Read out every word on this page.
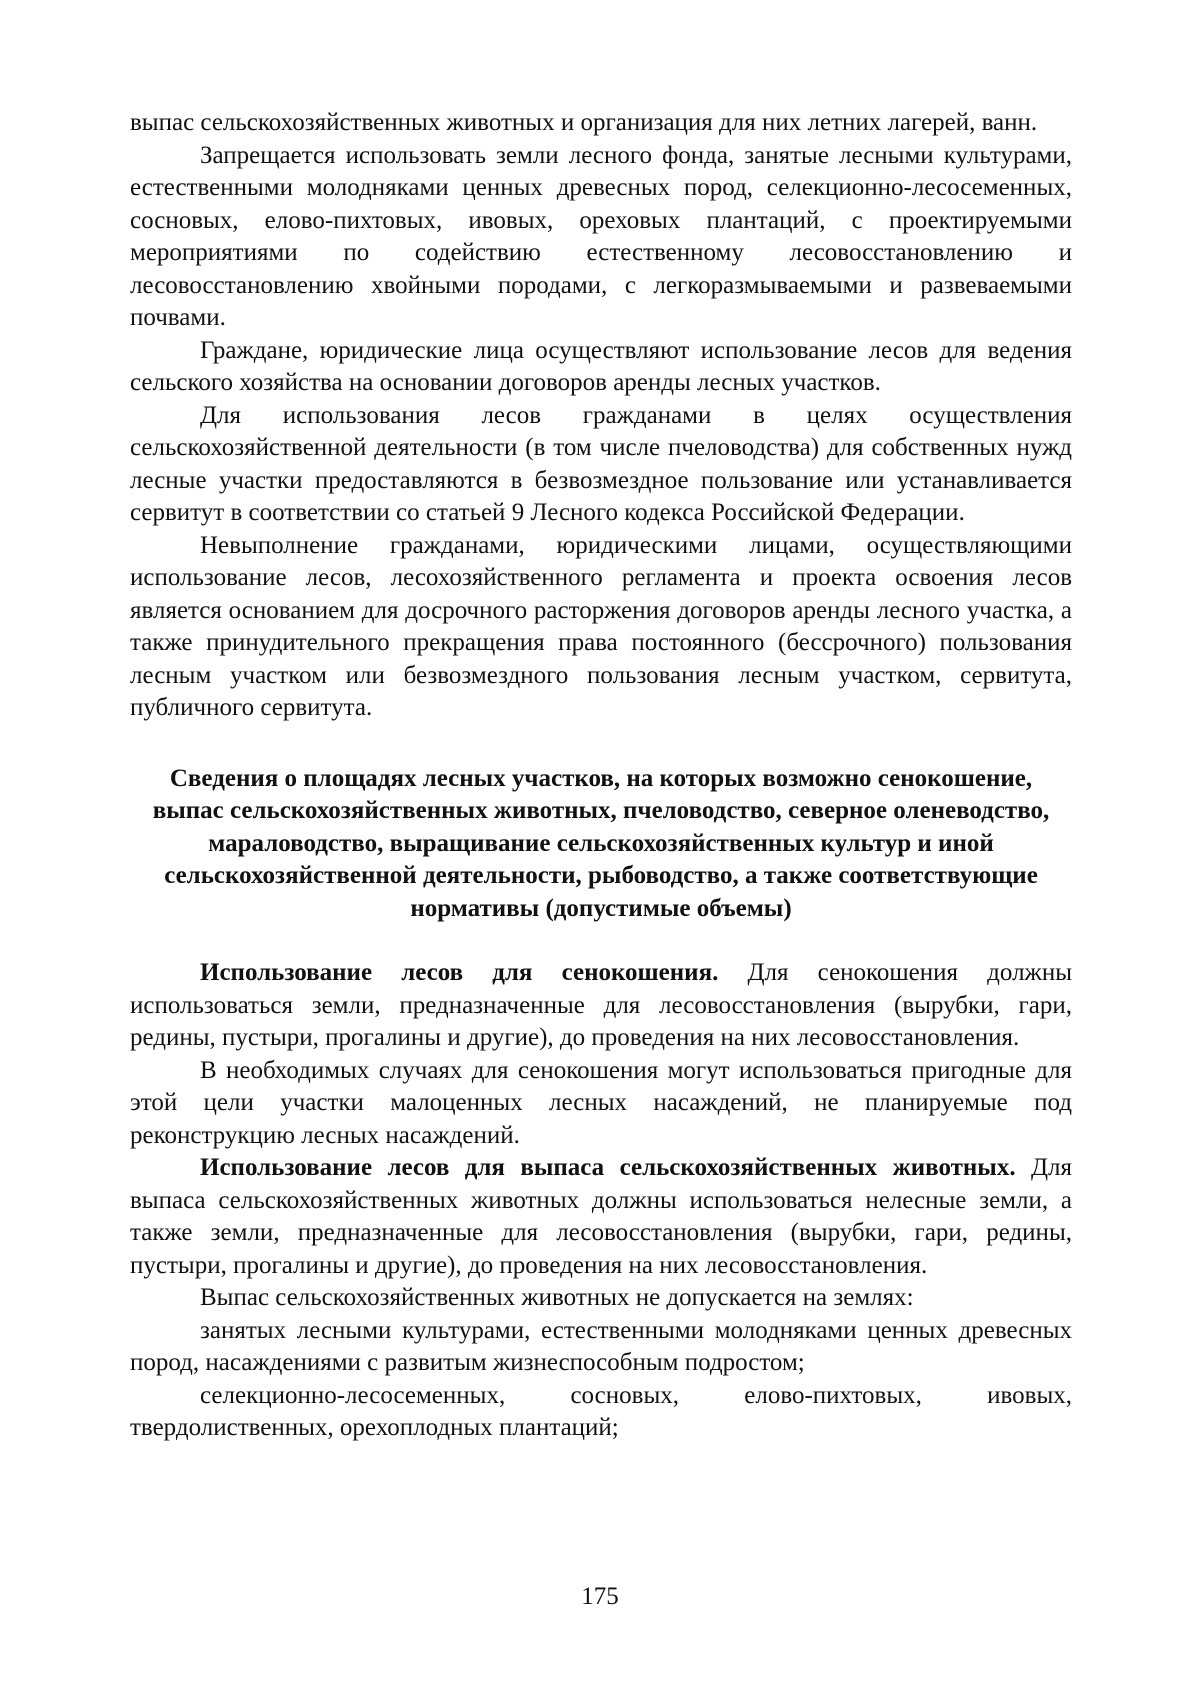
выпас сельскохозяйственных животных и организация для них летних лагерей, ванн.

Запрещается использовать земли лесного фонда, занятые лесными культурами, естественными молодняками ценных древесных пород, селекционно-лесосеменных, сосновых, елово-пихтовых, ивовых, ореховых плантаций, с проектируемыми мероприятиями по содействию естественному лесовосстановлению и лесовосстановлению хвойными породами, с легкоразмываемыми и развеваемыми почвами.

Граждане, юридические лица осуществляют использование лесов для ведения сельского хозяйства на основании договоров аренды лесных участков.

Для использования лесов гражданами в целях осуществления сельскохозяйственной деятельности (в том числе пчеловодства) для собственных нужд лесные участки предоставляются в безвозмездное пользование или устанавливается сервитут в соответствии со статьей 9 Лесного кодекса Российской Федерации.

Невыполнение гражданами, юридическими лицами, осуществляющими использование лесов, лесохозяйственного регламента и проекта освоения лесов является основанием для досрочного расторжения договоров аренды лесного участка, а также принудительного прекращения права постоянного (бессрочного) пользования лесным участком или безвозмездного пользования лесным участком, сервитута, публичного сервитута.

Сведения о площадях лесных участков, на которых возможно сенокошение, выпас сельскохозяйственных животных, пчеловодство, северное оленеводство, мараловодство, выращивание сельскохозяйственных культур и иной сельскохозяйственной деятельности, рыбоводство, а также соответствующие нормативы (допустимые объемы)

Использование лесов для сенокошения. Для сенокошения должны использоваться земли, предназначенные для лесовосстановления (вырубки, гари, редины, пустыри, прогалины и другие), до проведения на них лесовосстановления.

В необходимых случаях для сенокошения могут использоваться пригодные для этой цели участки малоценных лесных насаждений, не планируемые под реконструкцию лесных насаждений.

Использование лесов для выпаса сельскохозяйственных животных. Для выпаса сельскохозяйственных животных должны использоваться нелесные земли, а также земли, предназначенные для лесовосстановления (вырубки, гари, редины, пустыри, прогалины и другие), до проведения на них лесовосстановления.

Выпас сельскохозяйственных животных не допускается на землях:

занятых лесными культурами, естественными молодняками ценных древесных пород, насаждениями с развитым жизнеспособным подростом;

селекционно-лесосеменных, сосновых, елово-пихтовых, ивовых, твердолиственных, орехоплодных плантаций;

175
